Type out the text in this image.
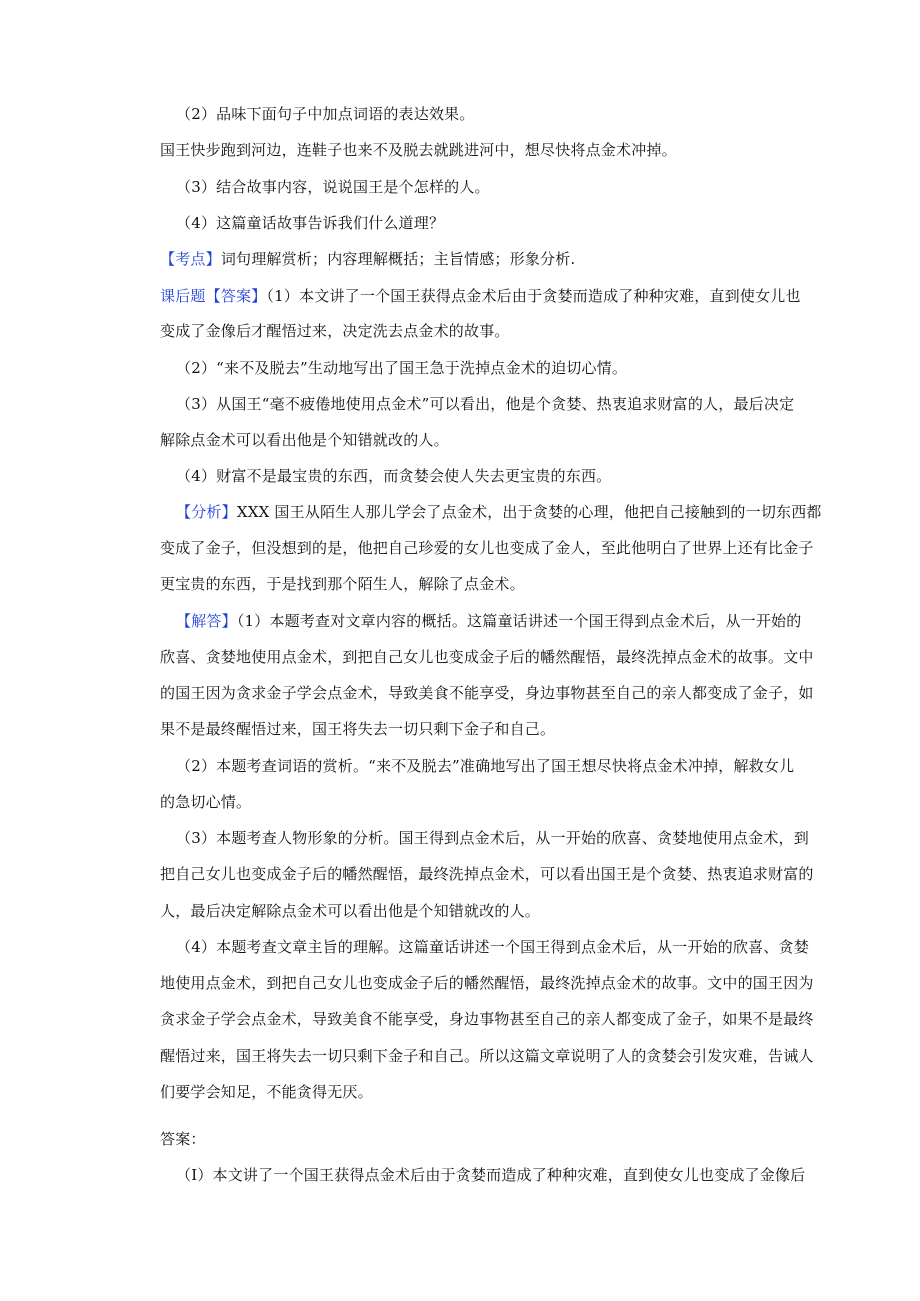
（2）品味下面句子中加点词语的表达效果。
国王快步跑到河边，连鞋子也来不及脱去就跳进河中，想尽快将点金术冲掉。
（3）结合故事内容，说说国王是个怎样的人。
（4）这篇童话故事告诉我们什么道理？
【考点】词句理解赏析；内容理解概括；主旨情感；形象分析.
课后题【答案】（1）本文讲了一个国王获得点金术后由于贪婪而造成了种种灾难，直到使女儿也
变成了金像后才醒悟过来，决定洗去点金术的故事。
（2）“来不及脱去”生动地写出了国王急于洗掉点金术的迫切心情。
（3）从国王“毫不疲倦地使用点金术”可以看出，他是个贪婪、热衷追求财富的人，最后决定
解除点金术可以看出他是个知错就改的人。
（4）财富不是最宝贵的东西，而贪婪会使人失去更宝贵的东西。
【分析】XXX 国王从陌生人那儿学会了点金术，出于贪婪的心理，他把自己接触到的一切东西都
变成了金子，但没想到的是，他把自己珍爱的女儿也变成了金人，至此他明白了世界上还有比金子
更宝贵的东西，于是找到那个陌生人，解除了点金术。
【解答】（1）本题考查对文章内容的概括。这篇童话讲述一个国王得到点金术后，从一开始的
欣喜、贪婪地使用点金术，到把自己女儿也变成金子后的幡然醒悟，最终洗掉点金术的故事。文中
的国王因为贪求金子学会点金术，导致美食不能享受，身边事物甚至自己的亲人都变成了金子，如
果不是最终醒悟过来，国王将失去一切只剩下金子和自己。
（2）本题考查词语的赏析。“来不及脱去”准确地写出了国王想尽快将点金术冲掉，解救女儿
的急切心情。
（3）本题考查人物形象的分析。国王得到点金术后，从一开始的欣喜、贪婪地使用点金术，到
把自己女儿也变成金子后的幡然醒悟，最终洗掉点金术，可以看出国王是个贪婪、热衷追求财富的
人，最后决定解除点金术可以看出他是个知错就改的人。
（4）本题考查文章主旨的理解。这篇童话讲述一个国王得到点金术后，从一开始的欣喜、贪婪
地使用点金术，到把自己女儿也变成金子后的幡然醒悟，最终洗掉点金术的故事。文中的国王因为
贪求金子学会点金术，导致美食不能享受，身边事物甚至自己的亲人都变成了金子，如果不是最终
醒悟过来，国王将失去一切只剩下金子和自己。所以这篇文章说明了人的贪婪会引发灾难，告诫人
们要学会知足，不能贪得无厌。
答案：
（I）本文讲了一个国王获得点金术后由于贪婪而造成了种种灾难，直到使女儿也变成了金像后
